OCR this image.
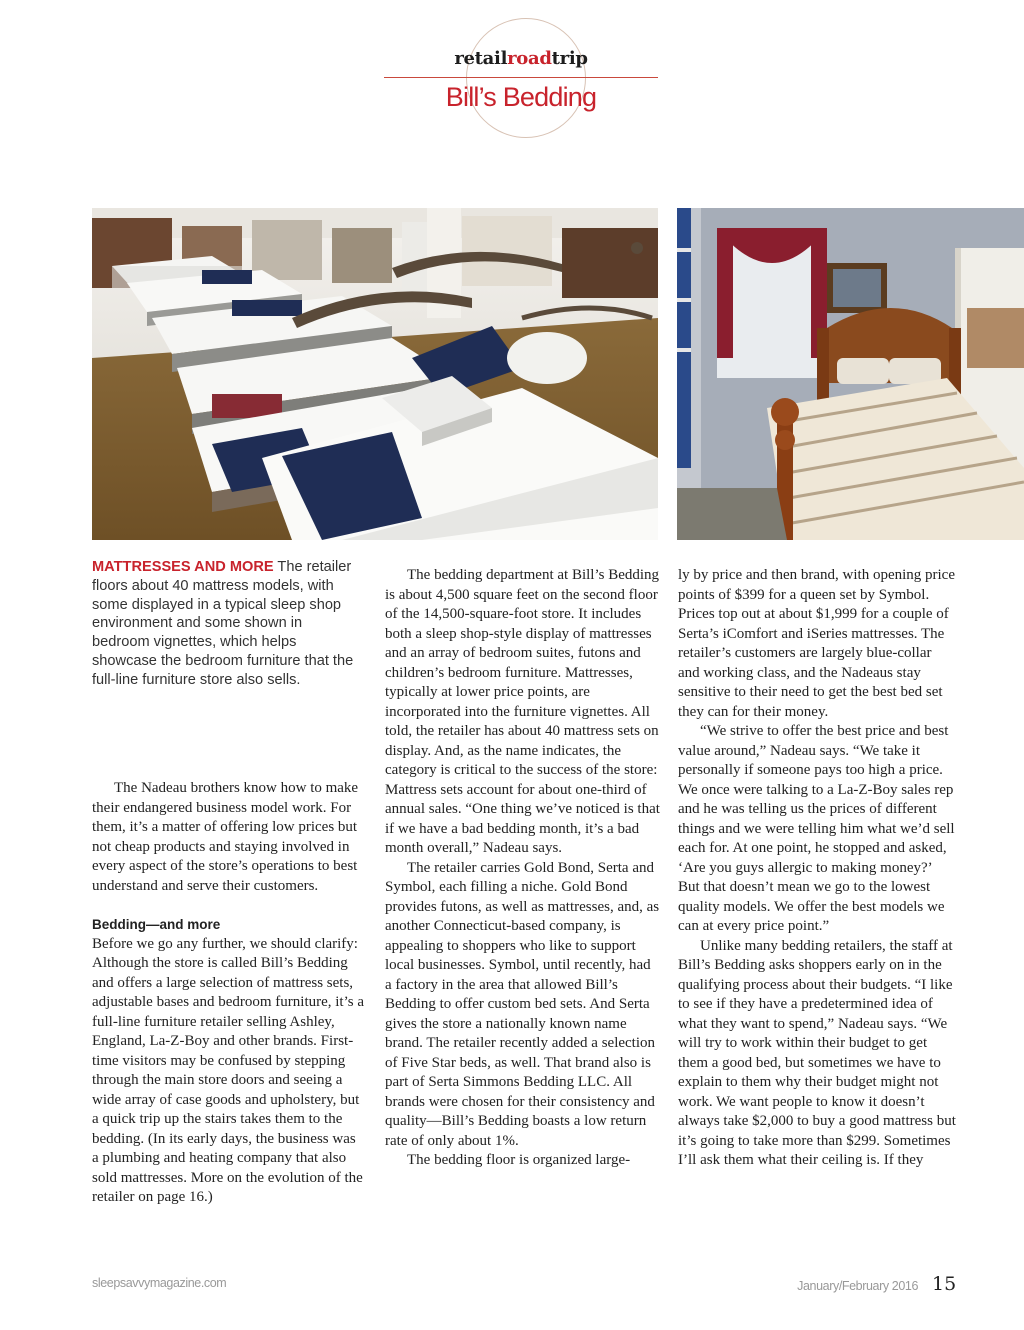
retailroadtrip
Bill’s Bedding
MATTRESSES AND MORE The retailer floors about 40 mattress models, with some displayed in a typical sleep shop environment and some shown in bedroom vignettes, which helps showcase the bedroom furniture that the full-line furniture store also sells.

The Nadeau brothers know how to make their endangered business model work. For them, it’s a matter of offering low prices but not cheap products and staying involved in every aspect of the store’s operations to best understand and serve their customers.

Bedding—and more

Before we go any further, we should clarify: Although the store is called Bill’s Bedding and offers a large selection of mattress sets, adjustable bases and bedroom furniture, it’s a full-line furniture retailer selling Ashley, England, La-Z-Boy and other brands. First-time visitors may be confused by stepping through the main store doors and seeing a wide array of case goods and upholstery, but a quick trip up the stairs takes them to the bedding. (In its early days, the business was a plumbing and heating company that also sold mattresses. More on the evolution of the retailer on page 16.)

The bedding department at Bill’s Bedding is about 4,500 square feet on the second floor of the 14,500-square-foot store. It includes both a sleep shop-style display of mattresses and an array of bedroom suites, futons and children’s bedroom furniture. Mattresses, typically at lower price points, are incorporated into the furniture vignettes. All told, the retailer has about 40 mattress sets on display. And, as the name indicates, the category is critical to the success of the store: Mattress sets account for about one-third of annual sales. “One thing we’ve noticed is that if we have a bad bedding month, it’s a bad month overall,” Nadeau says.

The retailer carries Gold Bond, Serta and Symbol, each filling a niche. Gold Bond provides futons, as well as mattresses, and, as another Connecticut-based company, is appealing to shoppers who like to support local businesses. Symbol, until recently, had a factory in the area that allowed Bill’s Bedding to offer custom bed sets. And Serta gives the store a nationally known name brand. The retailer recently added a selection of Five Star beds, as well. That brand also is part of Serta Simmons Bedding LLC. All brands were chosen for their consistency and quality—Bill’s Bedding boasts a low return rate of only about 1%.

The bedding floor is organized large-

ly by price and then brand, with opening price points of $399 for a queen set by Symbol. Prices top out at about $1,999 for a couple of Serta’s iComfort and iSeries mattresses. The retailer’s customers are largely blue-collar and working class, and the Nadeaus stay sensitive to their need to get the best bed set they can for their money.

“We strive to offer the best price and best value around,” Nadeau says. “We take it personally if someone pays too high a price. We once were talking to a La-Z-Boy sales rep and he was telling us the prices of different things and we were telling him what we’d sell each for. At one point, he stopped and asked, ‘Are you guys allergic to making money?’ But that doesn’t mean we go to the lowest quality models. We offer the best models we can at every price point.”

Unlike many bedding retailers, the staff at Bill’s Bedding asks shoppers early on in the qualifying process about their budgets. “I like to see if they have a predetermined idea of what they want to spend,” Nadeau says. “We will try to work within their budget to get them a good bed, but sometimes we have to explain to them why their budget might not work. We want people to know it doesn’t always take $2,000 to buy a good mattress but it’s going to take more than $299. Sometimes I’ll ask them what their ceiling is. If they

sleepsavvymagazine.com	January/February 2016 15
